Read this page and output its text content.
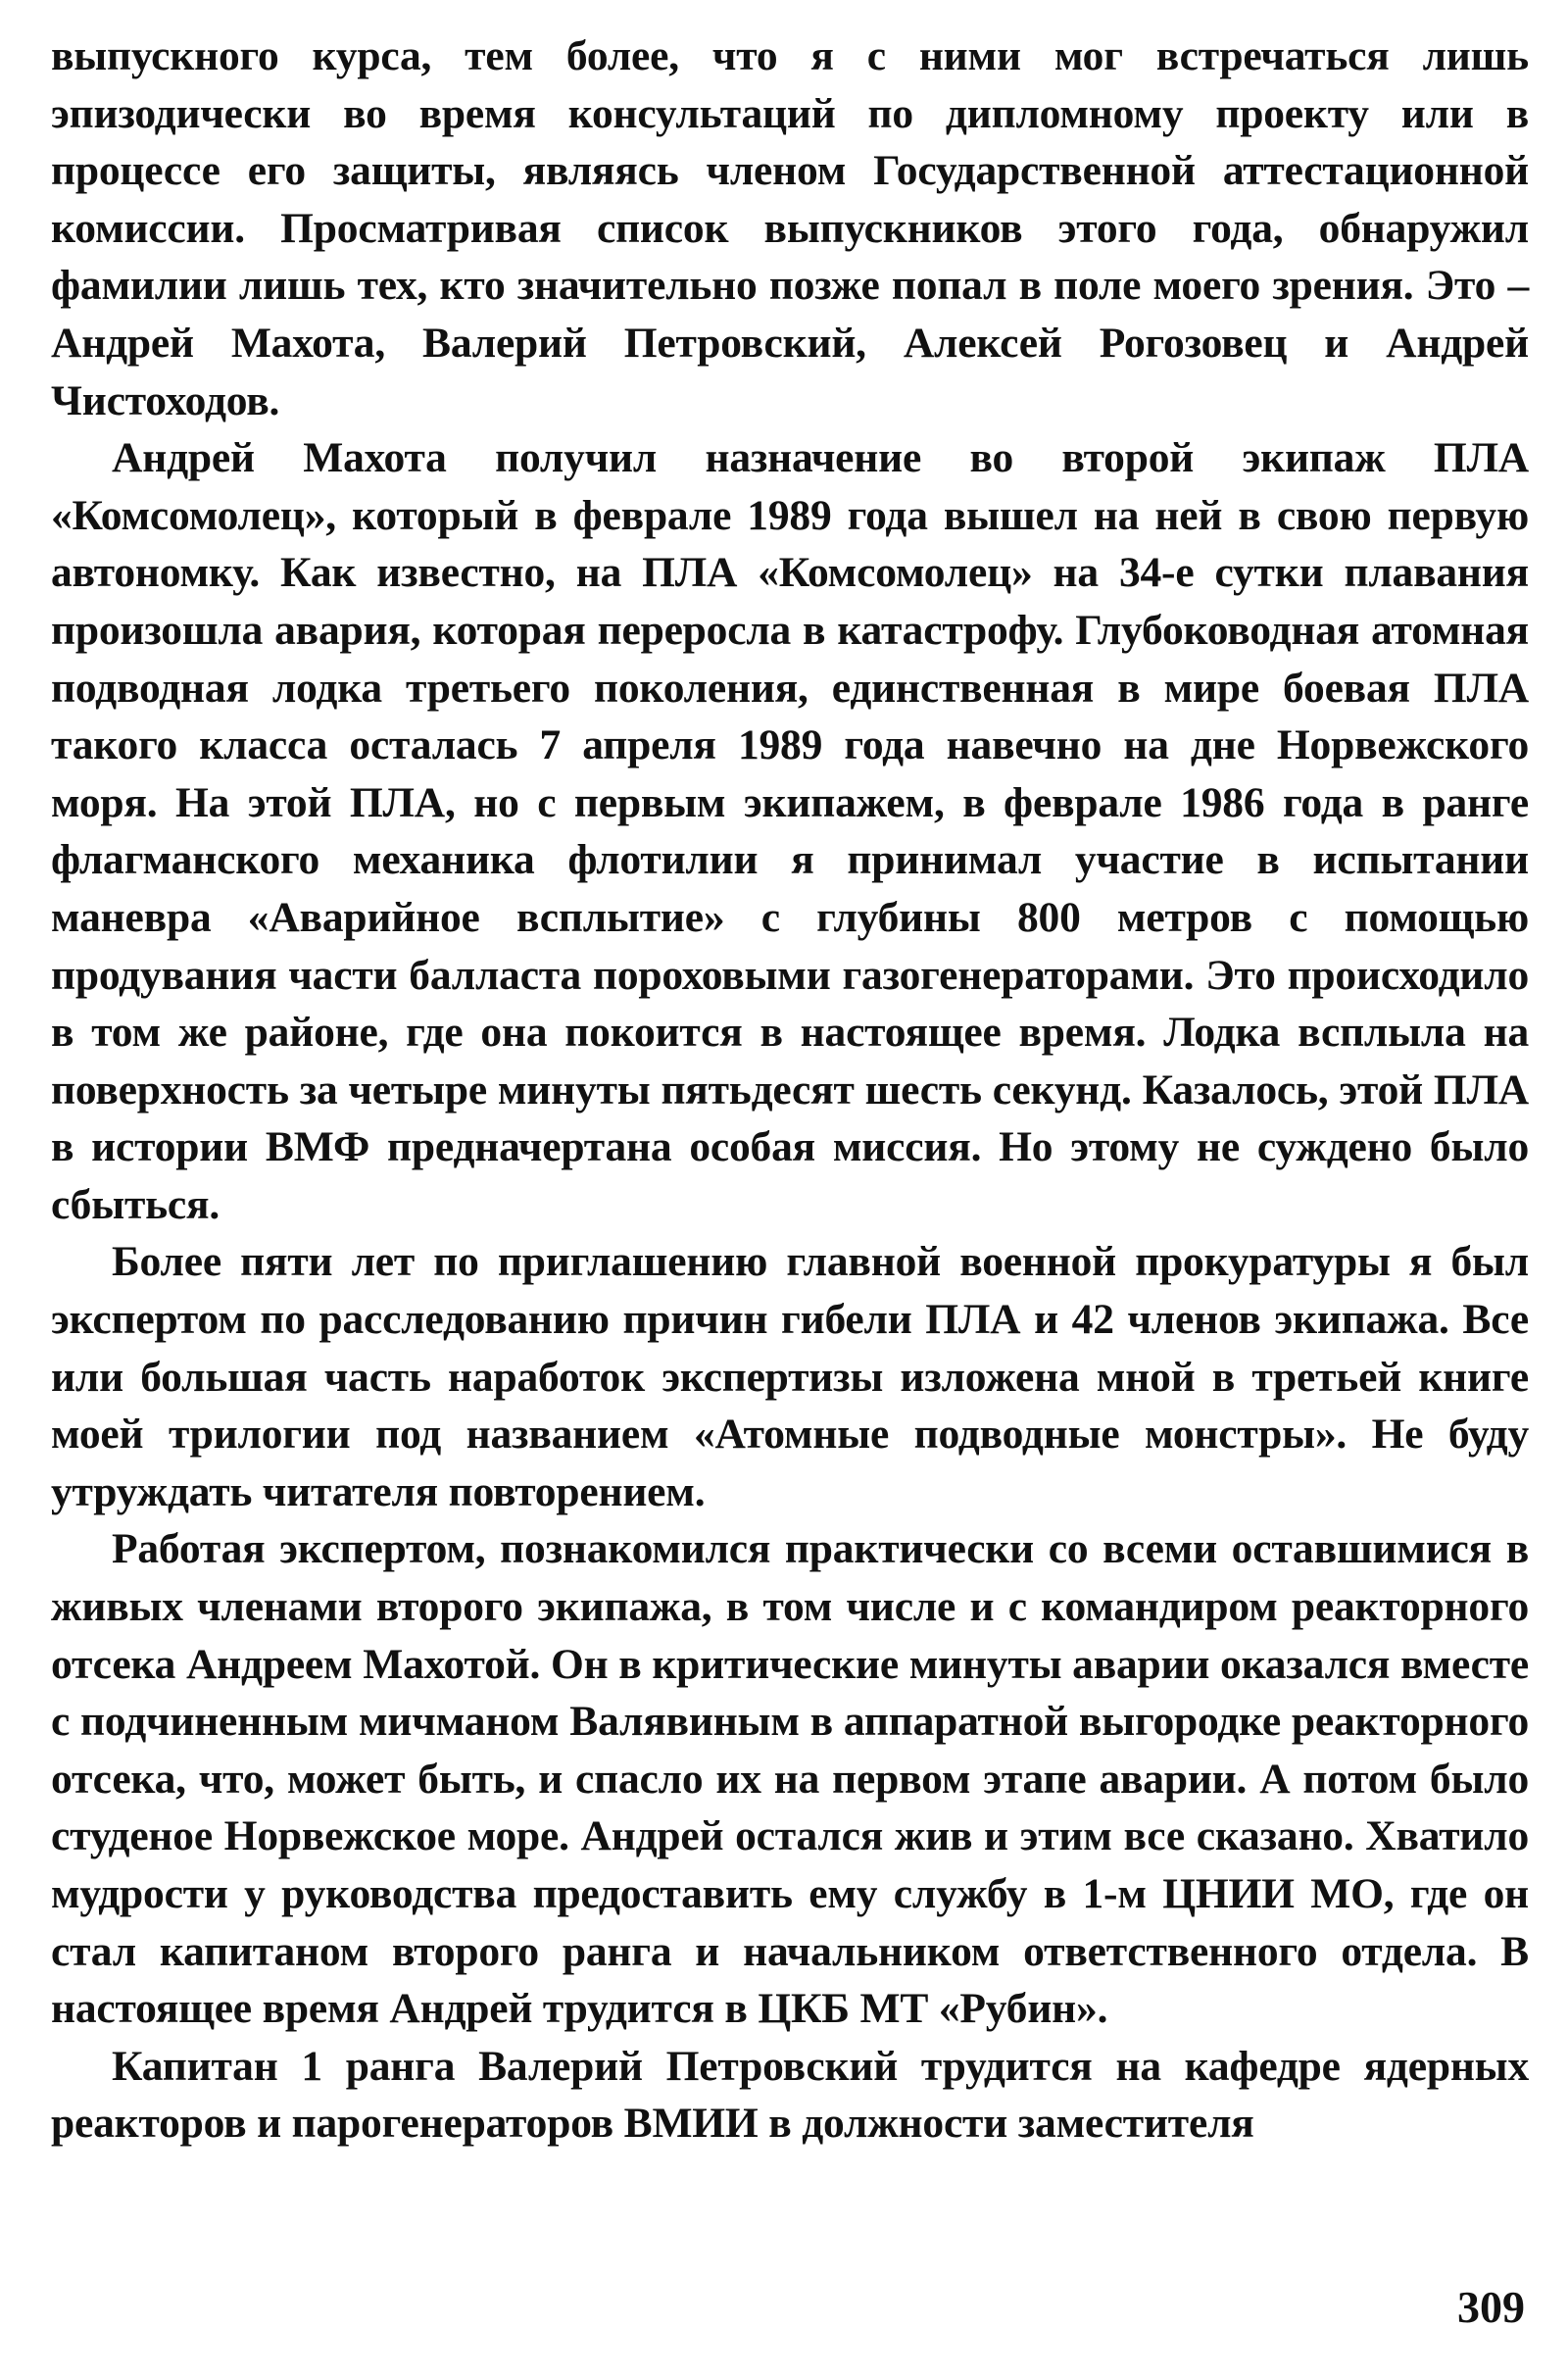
выпускного курса, тем более, что я с ними мог встречаться лишь эпизодически во время консультаций по дипломному проекту или в процессе его защиты, являясь членом Государственной аттестационной комиссии. Просматривая список выпускников этого года, обнаружил фамилии лишь тех, кто значительно позже попал в поле моего зрения. Это – Андрей Махота, Валерий Петровский, Алексей Рогозовец и Андрей Чистоходов.

Андрей Махота получил назначение во второй экипаж ПЛА «Комсомолец», который в феврале 1989 года вышел на ней в свою первую автономку. Как известно, на ПЛА «Комсомолец» на 34-е сутки плавания произошла авария, которая переросла в катастрофу. Глубоководная атомная подводная лодка третьего поколения, единственная в мире боевая ПЛА такого класса осталась 7 апреля 1989 года навечно на дне Норвежского моря. На этой ПЛА, но с первым экипажем, в феврале 1986 года в ранге флагманского механика флотилии я принимал участие в испытании маневра «Аварийное всплытие» с глубины 800 метров с помощью продувания части балласта пороховыми газогенераторами. Это происходило в том же районе, где она покоится в настоящее время. Лодка всплыла на поверхность за четыре минуты пятьдесят шесть секунд. Казалось, этой ПЛА в истории ВМФ предначертана особая миссия. Но этому не суждено было сбыться.

Более пяти лет по приглашению главной военной прокуратуры я был экспертом по расследованию причин гибели ПЛА и 42 членов экипажа. Все или большая часть наработок экспертизы изложена мной в третьей книге моей трилогии под названием «Атомные подводные монстры». Не буду утруждать читателя повторением.

Работая экспертом, познакомился практически со всеми оставшимися в живых членами второго экипажа, в том числе и с командиром реакторного отсека Андреем Махотой. Он в критические минуты аварии оказался вместе с подчиненным мичманом Валявиным в аппаратной выгородке реакторного отсека, что, может быть, и спасло их на первом этапе аварии. А потом было студеное Норвежское море. Андрей остался жив и этим все сказано. Хватило мудрости у руководства предоставить ему службу в 1-м ЦНИИ МО, где он стал капитаном второго ранга и начальником ответственного отдела. В настоящее время Андрей трудится в ЦКБ МТ «Рубин».

Капитан 1 ранга Валерий Петровский трудится на кафедре ядерных реакторов и парогенераторов ВМИИ в должности заместителя

309
